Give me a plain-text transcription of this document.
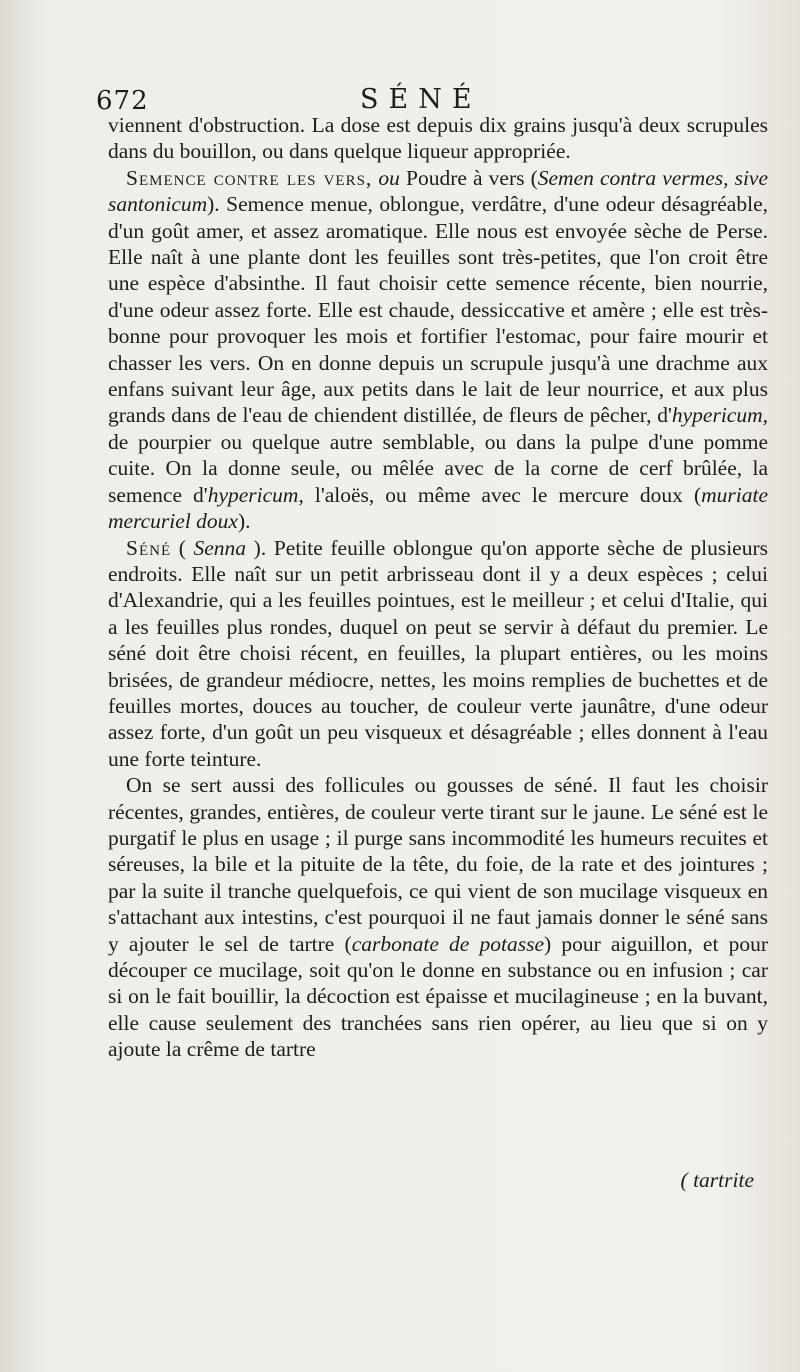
672	SÉNÉ

viennent d'obstruction. La dose est depuis dix grains jusqu'à deux scrupules dans du bouillon, ou dans quelque liqueur appropriée.

Semence contre les vers, ou Poudre à vers (Semen contra vermes, sive santonicum). Semence menue, oblongue, verdâtre, d'une odeur désagréable, d'un goût amer, et assez aromatique. Elle nous est envoyée sèche de Perse. Elle naît à une plante dont les feuilles sont très-petites, que l'on croit être une espèce d'absinthe. Il faut choisir cette semence récente, bien nourrie, d'une odeur assez forte. Elle est chaude, dessiccative et amère ; elle est très-bonne pour provoquer les mois et fortifier l'estomac, pour faire mourir et chasser les vers. On en donne depuis un scrupule jusqu'à une drachme aux enfans suivant leur âge, aux petits dans le lait de leur nourrice, et aux plus grands dans de l'eau de chiendent distillée, de fleurs de pêcher, d'hypericum, de pourpier ou quelque autre semblable, ou dans la pulpe d'une pomme cuite. On la donne seule, ou mêlée avec de la corne de cerf brûlée, la semence d'hypericum, l'aloës, ou même avec le mercure doux (muriate mercuriel doux).

Séné ( Senna ). Petite feuille oblongue qu'on apporte sèche de plusieurs endroits. Elle naît sur un petit arbrisseau dont il y a deux espèces ; celui d'Alexandrie, qui a les feuilles pointues, est le meilleur ; et celui d'Italie, qui a les feuilles plus rondes, duquel on peut se servir à défaut du premier. Le séné doit être choisi récent, en feuilles, la plupart entières, ou les moins brisées, de grandeur médiocre, nettes, les moins remplies de buchettes et de feuilles mortes, douces au toucher, de couleur verte jaunâtre, d'une odeur assez forte, d'un goût un peu visqueux et désagréable ; elles donnent à l'eau une forte teinture.

On se sert aussi des follicules ou gousses de séné. Il faut les choisir récentes, grandes, entières, de couleur verte tirant sur le jaune. Le séné est le purgatif le plus en usage ; il purge sans incommodité les humeurs recuites et séreuses, la bile et la pituite de la tête, du foie, de la rate et des jointures ; par la suite il tranche quelquefois, ce qui vient de son mucilage visqueux en s'attachant aux intestins, c'est pourquoi il ne faut jamais donner le séné sans y ajouter le sel de tartre (carbonate de potasse) pour aiguillon, et pour découper ce mucilage, soit qu'on le donne en substance ou en infusion ; car si on le fait bouillir, la décoction est épaisse et mucilagineuse ; en la buvant, elle cause seulement des tranchées sans rien opérer, au lieu que si on y ajoute la crême de tartre

( tartrite
